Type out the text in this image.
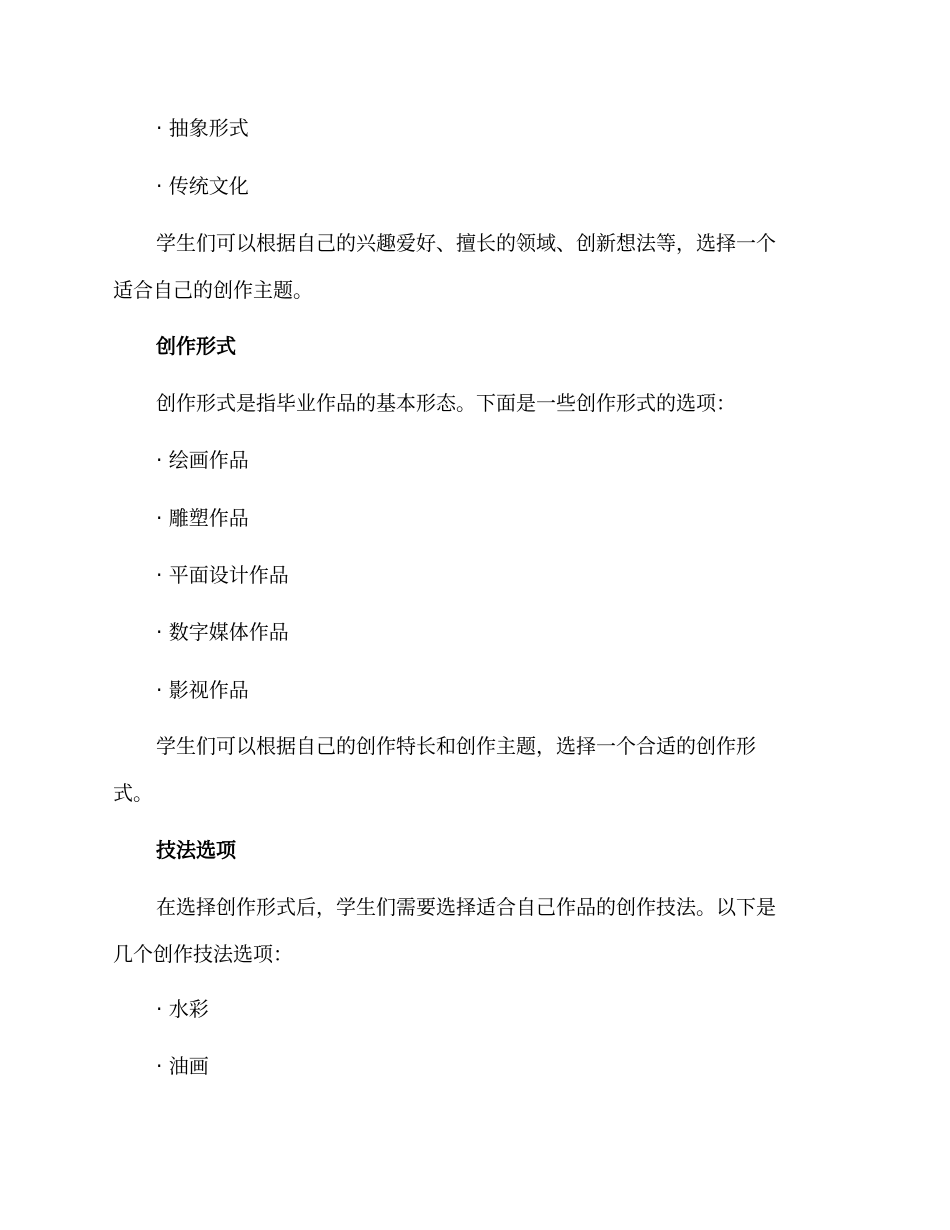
· 抽象形式
· 传统文化
学生们可以根据自己的兴趣爱好、擅长的领域、创新想法等，选择一个
适合自己的创作主题。
创作形式
创作形式是指毕业作品的基本形态。下面是一些创作形式的选项：
· 绘画作品
· 雕塑作品
· 平面设计作品
· 数字媒体作品
· 影视作品
学生们可以根据自己的创作特长和创作主题，选择一个合适的创作形
式。
技法选项
在选择创作形式后，学生们需要选择适合自己作品的创作技法。以下是
几个创作技法选项：
· 水彩
· 油画
